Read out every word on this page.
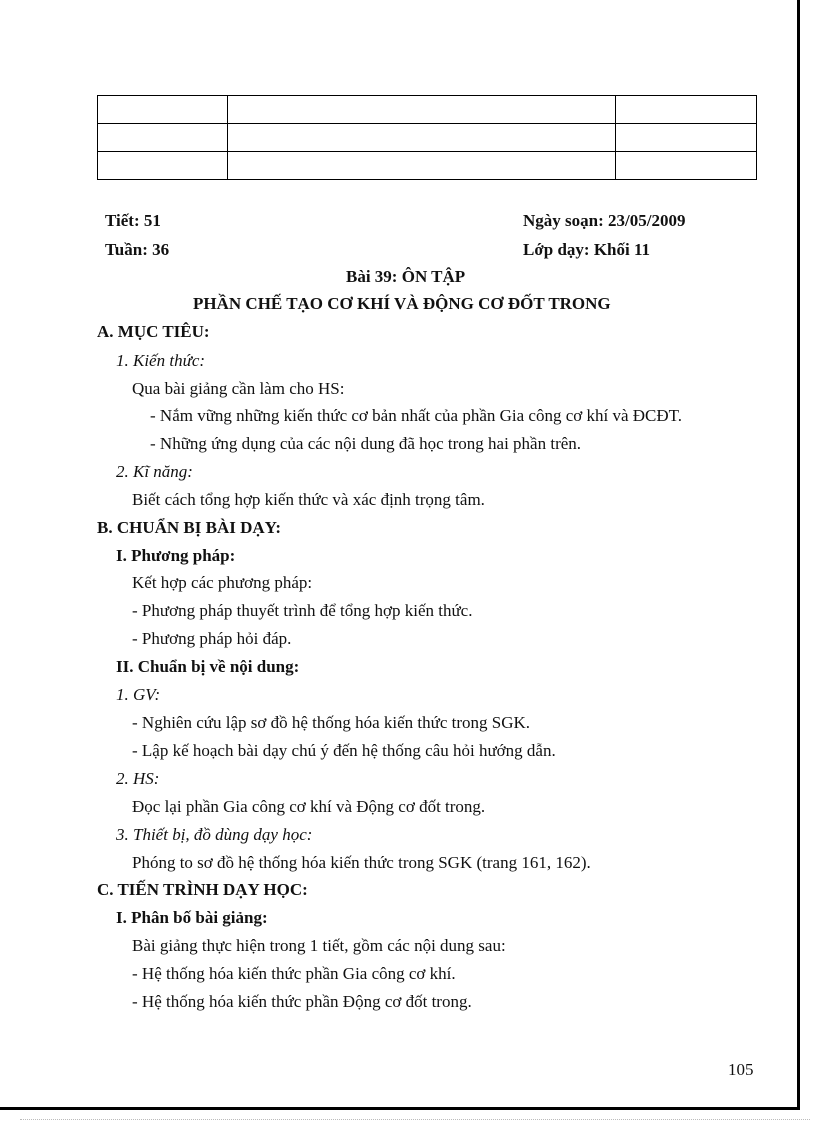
Tiết: 51	Ngày soạn: 23/05/2009
Tuần: 36	Lớp dạy: Khối 11
Bài 39: ÔN TẬP
PHẦN CHẾ TẠO CƠ KHÍ VÀ ĐỘNG CƠ ĐỐT TRONG
A. MỤC TIÊU:
1. Kiến thức:
Qua bài giảng cần làm cho HS:
- Nắm vững những kiến thức cơ bản nhất của phần Gia công cơ khí và ĐCĐT.
- Những ứng dụng của các nội dung đã học trong hai phần trên.
2. Kĩ năng:
Biết cách tổng hợp kiến thức và xác định trọng tâm.
B. CHUẨN BỊ BÀI DẠY:
I. Phương pháp:
Kết hợp các phương pháp:
- Phương pháp thuyết trình để tổng hợp kiến thức.
- Phương pháp hỏi đáp.
II. Chuẩn bị về nội dung:
1. GV:
- Nghiên cứu lập sơ đồ hệ thống hóa kiến thức trong SGK.
- Lập kế hoạch bài dạy chú ý đến hệ thống câu hỏi hướng dẫn.
2. HS:
Đọc lại phần Gia công cơ khí và Động cơ đốt trong.
3. Thiết bị, đồ dùng dạy học:
Phóng to sơ đồ hệ thống hóa kiến thức trong SGK (trang 161, 162).
C. TIẾN TRÌNH DẠY HỌC:
I. Phân bố bài giảng:
Bài giảng thực hiện trong 1 tiết, gồm các nội dung sau:
- Hệ thống hóa kiến thức phần Gia công cơ khí.
- Hệ thống hóa kiến thức phần Động cơ đốt trong.
105
